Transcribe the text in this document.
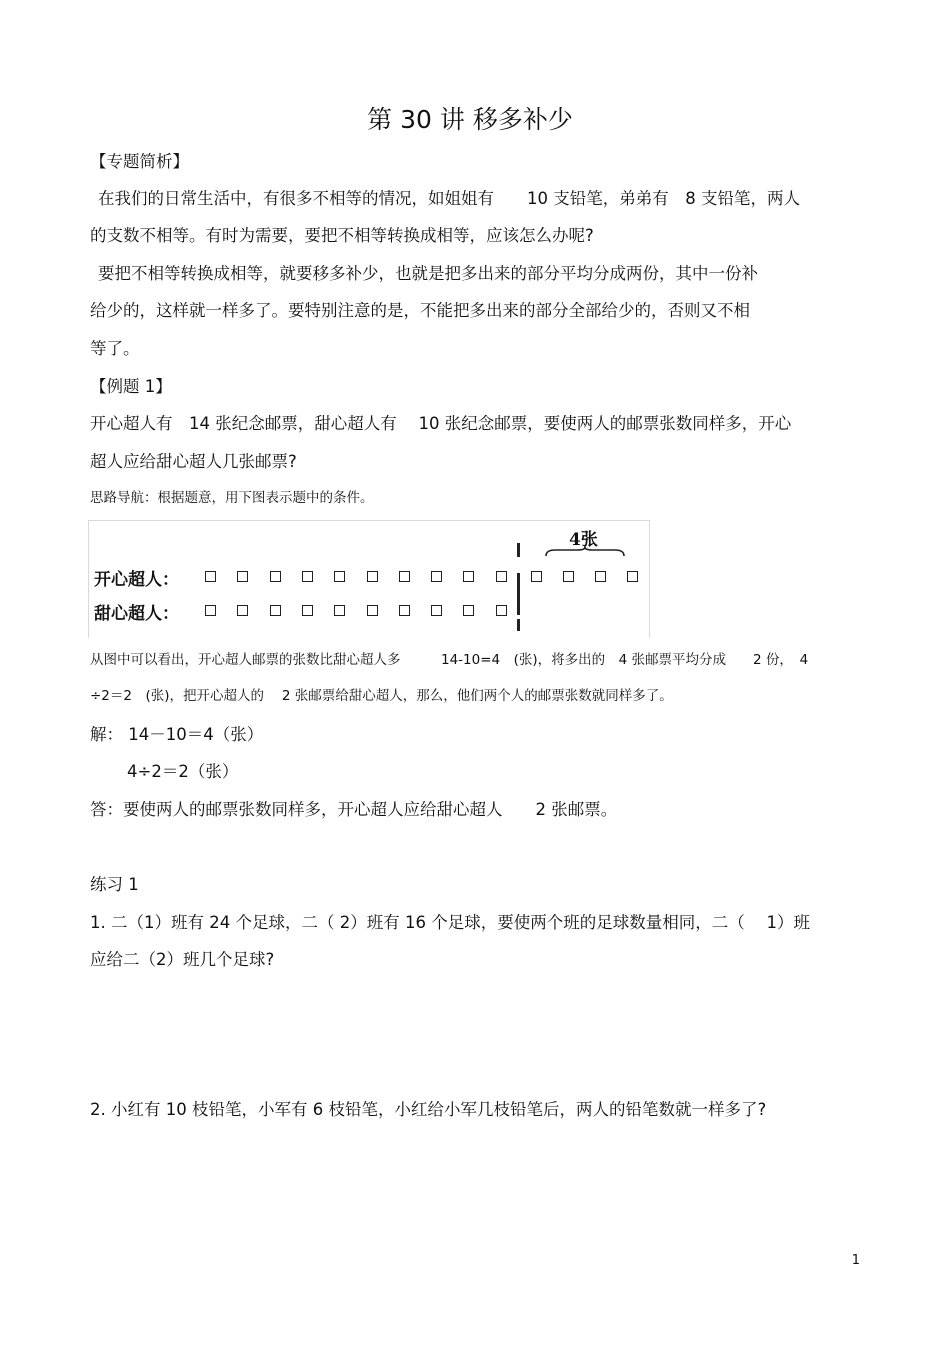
第 30 讲 移多补少
【专题简析】
在我们的日常生活中，有很多不相等的情况，如姐姐有　　10 支铅笔，弟弟有　8 支铅笔，两人
的支数不相等。有时为需要，要把不相等转换成相等，应该怎么办呢?
要把不相等转换成相等，就要移多补少，也就是把多出来的部分平均分成两份，其中一份补
给少的，这样就一样多了。要特别注意的是，不能把多出来的部分全部给少的，否则又不相
等了。
【例题 1】
开心超人有　14 张纪念邮票，甜心超人有　 10 张纪念邮票，要使两人的邮票张数同样多，开心
超人应给甜心超人几张邮票?
思路导航：根据题意，用下图表示题中的条件。
开心超人：
甜心超人：
4张
从图中可以看出，开心超人邮票的张数比甜心超人多　　　14-10=4　(张)，将多出的　4 张邮票平均分成　　2 份，　4
÷2＝2　(张)，把开心超人的　 2 张邮票给甜心超人，那么，他们两个人的邮票张数就同样多了。
解： 14－10＝4（张）
4÷2＝2（张）
答：要使两人的邮票张数同样多，开心超人应给甜心超人　　2 张邮票。
练习 1
1. 二（1）班有 24 个足球，二（ 2）班有 16 个足球，要使两个班的足球数量相同，二（　 1）班
应给二（2）班几个足球?
2. 小红有 10 枝铅笔，小军有 6 枝铅笔，小红给小军几枝铅笔后，两人的铅笔数就一样多了?
1
